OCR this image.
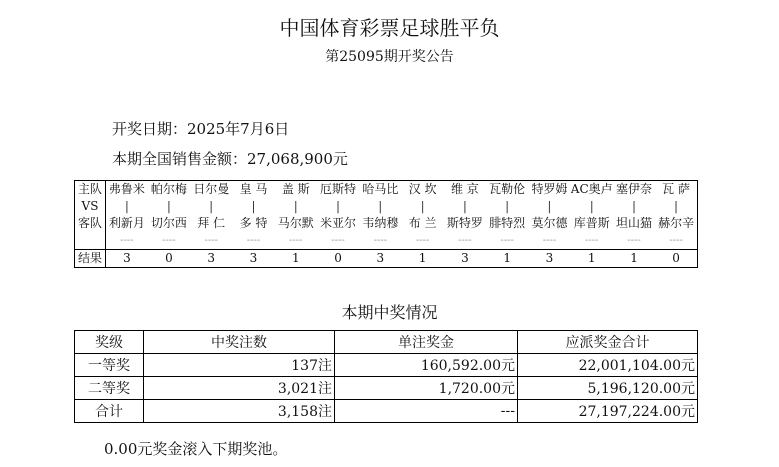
中国体育彩票足球胜平负
第25095期开奖公告
开奖日期：2025年7月6日
本期全国销售金额：27,068,900元
主队	弗鲁米	帕尔梅	日尔曼	皇 马	盖 斯	厄斯特	哈马比	汉 坎	维 京	瓦勒伦	特罗姆	AC奥卢	塞伊奈	瓦 萨
VS	|	|	|	|	|	|	|	|	|	|	|	|	|	|
客队	利新月	切尔西	拜 仁	多 特	马尔默	米亚尔	韦纳穆	布 兰	斯特罗	腓特烈	莫尔德	库普斯	坦山猫	赫尔辛
	----	----	----	----	----	----	----	----	----	----	----	----	----	----
结果	3	0	3	3	1	0	3	1	3	1	3	1	1	0
本期中奖情况
奖级	中奖注数	单注奖金	应派奖金合计
一等奖	137注	160,592.00元	22,001,104.00元
二等奖	3,021注	1,720.00元	5,196,120.00元
合计	3,158注	---	27,197,224.00元
0.00元奖金滚入下期奖池。
